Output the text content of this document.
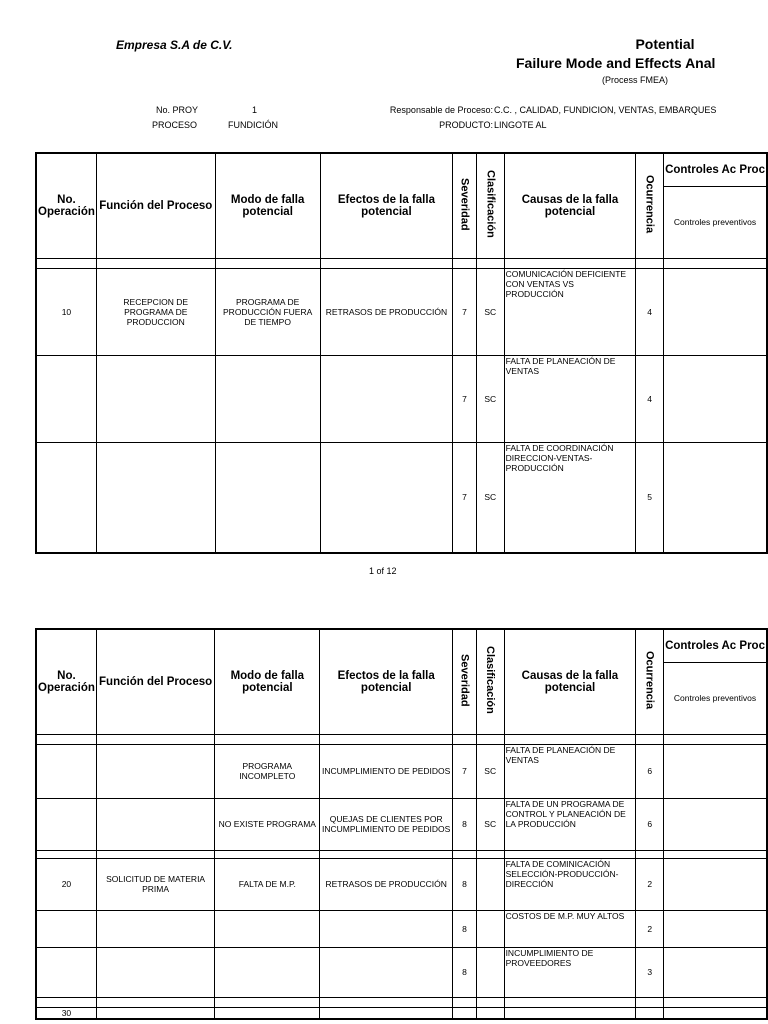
Empresa S.A de C.V.	Potential
Failure Mode and Effects Anal
(Process FMEA)
No. PROY	1
PROCESO	FUNDICIÓN
Responsable de Proceso: C.C. , CALIDAD, FUNDICION, VENTAS, EMBARQUES
PRODUCTO: LINGOTE AL
No. Operación	Función del Proceso	Modo de falla potencial	Efectos de la falla potencial	Severidad	Clasificación	Causas de la falla potencial	Ocurrencia	Controles Ac Proc
								Controles preventivos

10	RECEPCION DE PROGRAMA DE PRODUCCION	PROGRAMA DE PRODUCCIÓN FUERA DE TIEMPO	RETRASOS DE PRODUCCIÓN	7	SC	COMUNICACIÓN DEFICIENTE CON VENTAS VS PRODUCCIÓN	4	
				7	SC	FALTA DE PLANEACIÓN DE VENTAS	4	
				7	SC	FALTA DE COORDINACIÓN DIRECCION-VENTAS-PRODUCCIÓN	5	
1 of 12
No. Operación	Función del Proceso	Modo de falla potencial	Efectos de la falla potencial	Severidad	Clasificación	Causas de la falla potencial	Ocurrencia	Controles Ac Proc
								Controles preventivos

		PROGRAMA INCOMPLETO	INCUMPLIMIENTO DE PEDIDOS	7	SC	FALTA DE PLANEACIÓN DE VENTAS	6	
		NO EXISTE PROGRAMA	QUEJAS DE CLIENTES POR INCUMPLIMIENTO DE PEDIDOS	8	SC	FALTA DE UN PROGRAMA DE CONTROL Y PLANEACIÓN DE LA PRODUCCIÓN	6	

20	SOLICITUD DE MATERIA PRIMA	FALTA DE M.P.	RETRASOS DE PRODUCCIÓN	8		FALTA DE COMINICACIÓN SELECCIÓN-PRODUCCIÓN-DIRECCIÓN	2	
				8		COSTOS DE M.P. MUY ALTOS	2	
				8		INCUMPLIMIENTO DE PROVEEDORES	3	

30								
